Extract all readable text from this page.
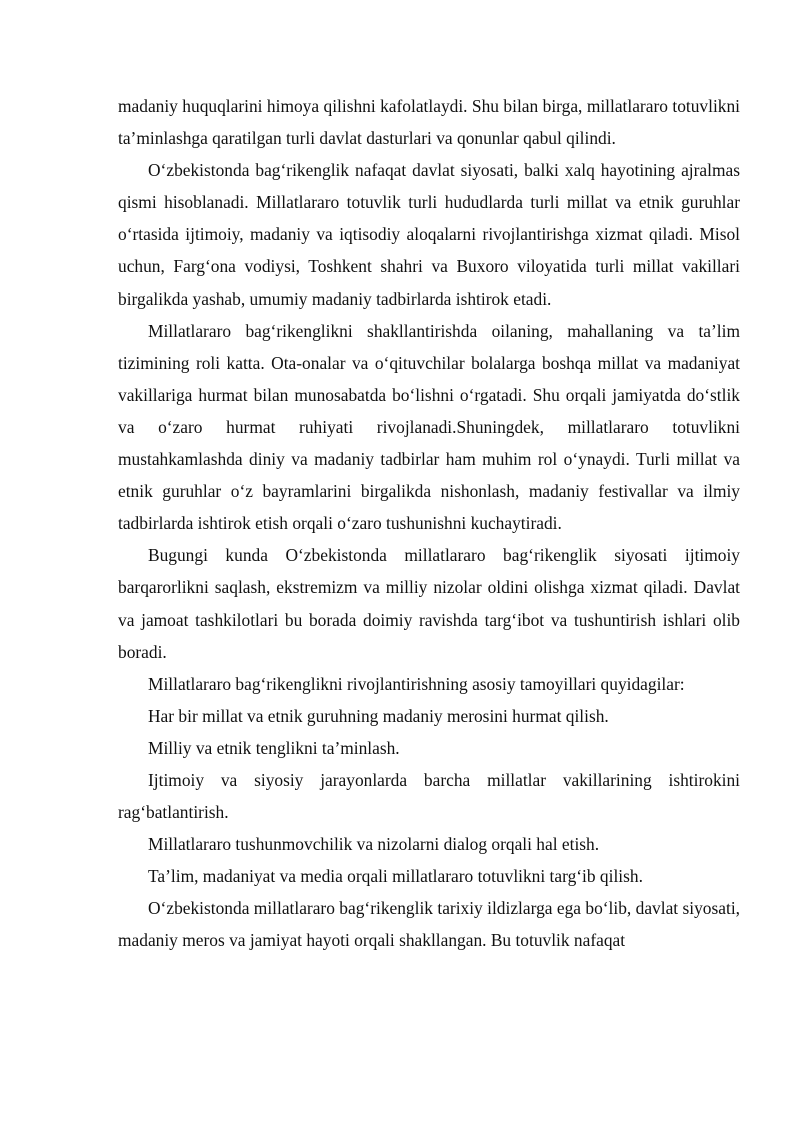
madaniy huquqlarini himoya qilishni kafolatlaydi. Shu bilan birga, millatlararo totuvlikni ta’minlashga qaratilgan turli davlat dasturlari va qonunlar qabul qilindi.

O‘zbekistonda bag‘rikenglik nafaqat davlat siyosati, balki xalq hayotining ajralmas qismi hisoblanadi. Millatlararo totuvlik turli hududlarda turli millat va etnik guruhlar o‘rtasida ijtimoiy, madaniy va iqtisodiy aloqalarni rivojlantirishga xizmat qiladi. Misol uchun, Farg‘ona vodiysi, Toshkent shahri va Buxoro viloyatida turli millat vakillari birgalikda yashab, umumiy madaniy tadbirlarda ishtirok etadi.

Millatlararo bag‘rikenglikni shakllantirishda oilaning, mahallaning va ta’lim tizimining roli katta. Ota-onalar va o‘qituvchilar bolalarga boshqa millat va madaniyat vakillariga hurmat bilan munosabatda bo‘lishni o‘rgatadi. Shu orqali jamiyatda do‘stlik va o‘zaro hurmat ruhiyati rivojlanadi.Shuningdek, millatlararo totuvlikni mustahkamlashda diniy va madaniy tadbirlar ham muhim rol o‘ynaydi. Turli millat va etnik guruhlar o‘z bayramlarini birgalikda nishonlash, madaniy festivallar va ilmiy tadbirlarda ishtirok etish orqali o‘zaro tushunishni kuchaytiradi.

Bugungi kunda O‘zbekistonda millatlararo bag‘rikenglik siyosati ijtimoiy barqarorlikni saqlash, ekstremizm va milliy nizolar oldini olishga xizmat qiladi. Davlat va jamoat tashkilotlari bu borada doimiy ravishda targ‘ibot va tushuntirish ishlari olib boradi.

Millatlararo bag‘rikenglikni rivojlantirishning asosiy tamoyillari quyidagilar:

Har bir millat va etnik guruhning madaniy merosini hurmat qilish.

Milliy va etnik tenglikni ta’minlash.

Ijtimoiy va siyosiy jarayonlarda barcha millatlar vakillarining ishtirokini rag‘batlantirish.

Millatlararo tushunmovchilik va nizolarni dialog orqali hal etish.

Ta’lim, madaniyat va media orqali millatlararo totuvlikni targ‘ib qilish.

O‘zbekistonda millatlararo bag‘rikenglik tarixiy ildizlarga ega bo‘lib, davlat siyosati, madaniy meros va jamiyat hayoti orqali shakllangan. Bu totuvlik nafaqat
